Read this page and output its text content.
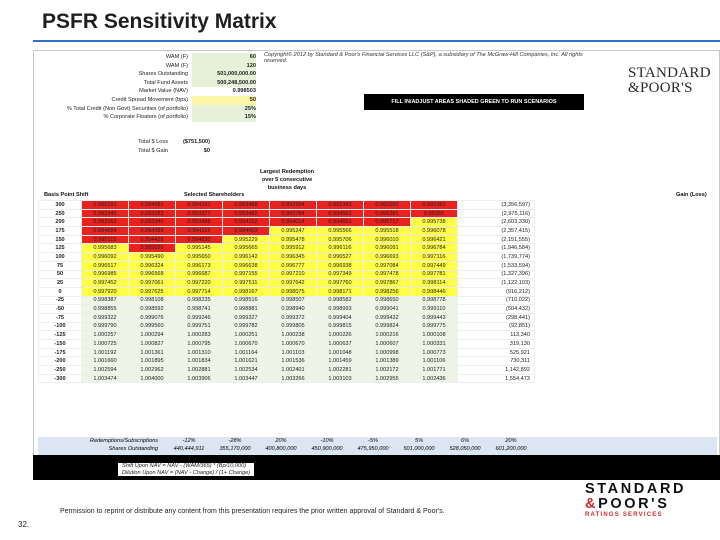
PSFR Sensitivity Matrix
WAM (F)	60
WAM (F)	120
Shares Outstanding	501,000,000.00
Total Fund Assets	500,248,500.00
Market Value (NAV)	0.998503
Credit Spread Movement (bps)	50
% Total Credit (Non Govt) Securities (of portfolio)	25%
% Corporate Floaters (of portfolio)	15%
Copyright© 2012 by Standard & Poor's Financial Services LLC (S&P), a subsidiary of The McGraw-Hill Companies, Inc. All rights reserved.
FILL IN/ADJUST AREAS SHADED GREEN TO RUN SCENARIOS
STANDARD
&POOR'S
Total $ Loss	($751,500)
Total $ Gain	$0
Basis Point Shift	Selected Shareholders
Largest Redemption over 5 consecutive business days
Gain (Loss)
300	0.996291	0.994981	0.994191	0.993488	0.992994	0.992343	0.992092	0.991981	(3,356,597)
250	0.993345	0.993283	0.993377	0.993482	0.993784	0.994562	0.996381	0.99355	(2,975,116)
200	0.993162	0.993340	0.993488	0.994152	0.994014	0.994651	0.995717	0.995738	(2,603,330)
175	0.994694	0.994398	0.994115	0.994603	0.995247	0.995566	0.995518	0.996078	(2,357,415)
150	0.995115	0.994428	0.994830	0.995229	0.995478	0.995706	0.996010	0.996421	(2,151,555)
125	0.995683	0.995026	0.995145	0.995665	0.995912	0.996116	0.996091	0.996784	(1,946,584)
100	0.996092	0.995490	0.995650	0.996142	0.996345	0.996527	0.996693	0.997116	(1,739,774)
75	0.996517	0.996324	0.996173	0.996638	0.996777	0.996938	0.997084	0.997449	(1,533,594)
50	0.996985	0.996568	0.996687	0.997155	0.997210	0.997349	0.997478	0.997781	(1,327,396)
25	0.997452	0.997061	0.997220	0.997511	0.997642	0.997760	0.997867	0.998114	(1,122,103)
0	0.997920	0.997625	0.997714	0.998167	0.998075	0.998171	0.998256	0.998446	(916,212)
-25	0.998387	0.998108	0.998235	0.998516	0.998507	0.998582	0.998650	0.998778	(710,022)
-50	0.998855	0.998592	0.998741	0.998881	0.998940	0.998993	0.999041	0.999110	(504,432)
-75	0.999322	0.999076	0.999246	0.999327	0.999372	0.999404	0.999432	0.999443	(298,441)
-100	0.999790	0.999560	0.999751	0.999782	0.999805	0.999815	0.999824	0.999775	(92,851)
-125	1.000257	1.000294	1.000283	1.000251	1.000238	1.000226	1.000216	1.000108	113,340
-150	1.000725	1.000827	1.000795	1.000670	1.000670	1.000637	1.000607	1.000331	319,130
-175	1.001192	1.001361	1.001310	1.001164	1.001103	1.001048	1.000998	1.000773	525,921
-200	1.001660	1.001895	1.001834	1.001621	1.001536	1.001459	1.001389	1.001106	730,311
-250	1.002594	1.002962	1.002881	1.002534	1.002401	1.002281	1.002172	1.001771	1,142,892
-300	1.003474	1.004000	1.003906	1.003447	1.003266	1.003103	1.002955	1.002436	1,554,473
Redemptions/Subscriptions	-12%	-28%	20%	-10%	-5%	5%	6%	20%
Shares Outstanding	440,444,911	355,170,000	400,800,000	450,900,000	475,950,000	501,000,000	528,050,000	601,200,000
Shift Upon NAV = NAV - (WAM/365) * (Bp/10,000)
Dilution Upon NAV = (NAV - Change) / (1+ Change)
32.
Permission to reprint or distribute any content from this presentation requires the prior written approval of Standard & Poor's.
STANDARD
&POOR'S
RATINGS SERVICES
